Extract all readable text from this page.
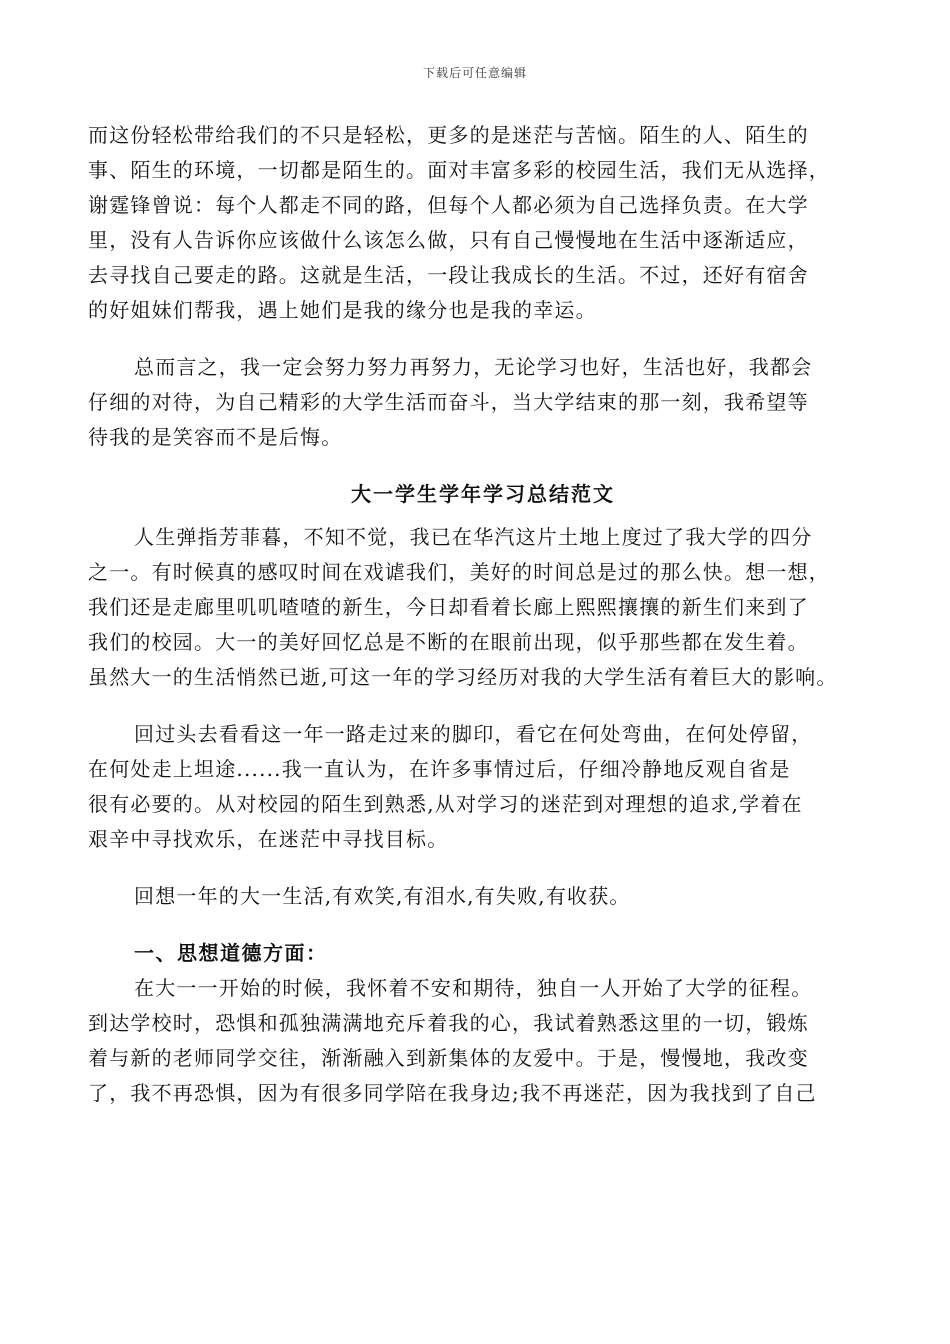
下载后可任意编辑

而这份轻松带给我们的不只是轻松，更多的是迷茫与苦恼。陌生的人、陌生的
事、陌生的环境，一切都是陌生的。面对丰富多彩的校园生活，我们无从选择，
谢霆锋曾说：每个人都走不同的路，但每个人都必须为自己选择负责。在大学
里，没有人告诉你应该做什么该怎么做，只有自己慢慢地在生活中逐渐适应，
去寻找自己要走的路。这就是生活，一段让我成长的生活。不过，还好有宿舍
的好姐妹们帮我，遇上她们是我的缘分也是我的幸运。

总而言之，我一定会努力努力再努力，无论学习也好，生活也好，我都会
仔细的对待，为自己精彩的大学生活而奋斗，当大学结束的那一刻，我希望等
待我的是笑容而不是后悔。

大一学生学年学习总结范文

人生弹指芳菲暮，不知不觉，我已在华汽这片土地上度过了我大学的四分
之一。有时候真的感叹时间在戏谑我们，美好的时间总是过的那么快。想一想，
我们还是走廊里叽叽喳喳的新生，今日却看着长廊上熙熙攘攘的新生们来到了
我们的校园。大一的美好回忆总是不断的在眼前出现，似乎那些都在发生着。
虽然大一的生活悄然已逝,可这一年的学习经历对我的大学生活有着巨大的影响。

回过头去看看这一年一路走过来的脚印，看它在何处弯曲，在何处停留，
在何处走上坦途......我一直认为，在许多事情过后，仔细冷静地反观自省是
很有必要的。从对校园的陌生到熟悉,从对学习的迷茫到对理想的追求,学着在
艰辛中寻找欢乐，在迷茫中寻找目标。

回想一年的大一生活,有欢笑,有泪水,有失败,有收获。

一、思想道德方面：

在大一一开始的时候，我怀着不安和期待，独自一人开始了大学的征程。
到达学校时，恐惧和孤独满满地充斥着我的心，我试着熟悉这里的一切，锻炼
着与新的老师同学交往，渐渐融入到新集体的友爱中。于是，慢慢地，我改变
了，我不再恐惧，因为有很多同学陪在我身边;我不再迷茫，因为我找到了自己
